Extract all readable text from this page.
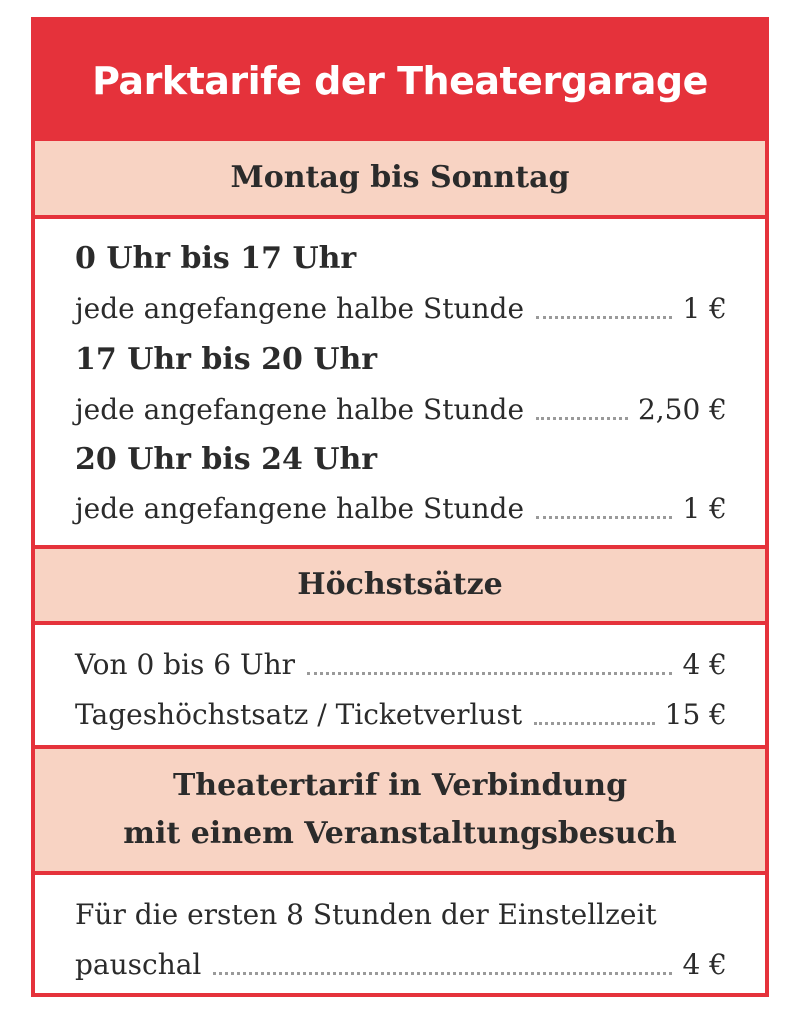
Parktarife der Theatergarage
Montag bis Sonntag
0 Uhr bis 17 Uhr
jede angefangene halbe Stunde	1 €
17 Uhr bis 20 Uhr
jede angefangene halbe Stunde	2,50 €
20 Uhr bis 24 Uhr
jede angefangene halbe Stunde	1 €
Höchstsätze
Von 0 bis 6 Uhr	4 €
Tageshöchstsatz / Ticketverlust	15 €
Theatertarif in Verbindung
mit einem Veranstaltungsbesuch
Für die ersten 8 Stunden der Einstellzeit
pauschal	4 €
